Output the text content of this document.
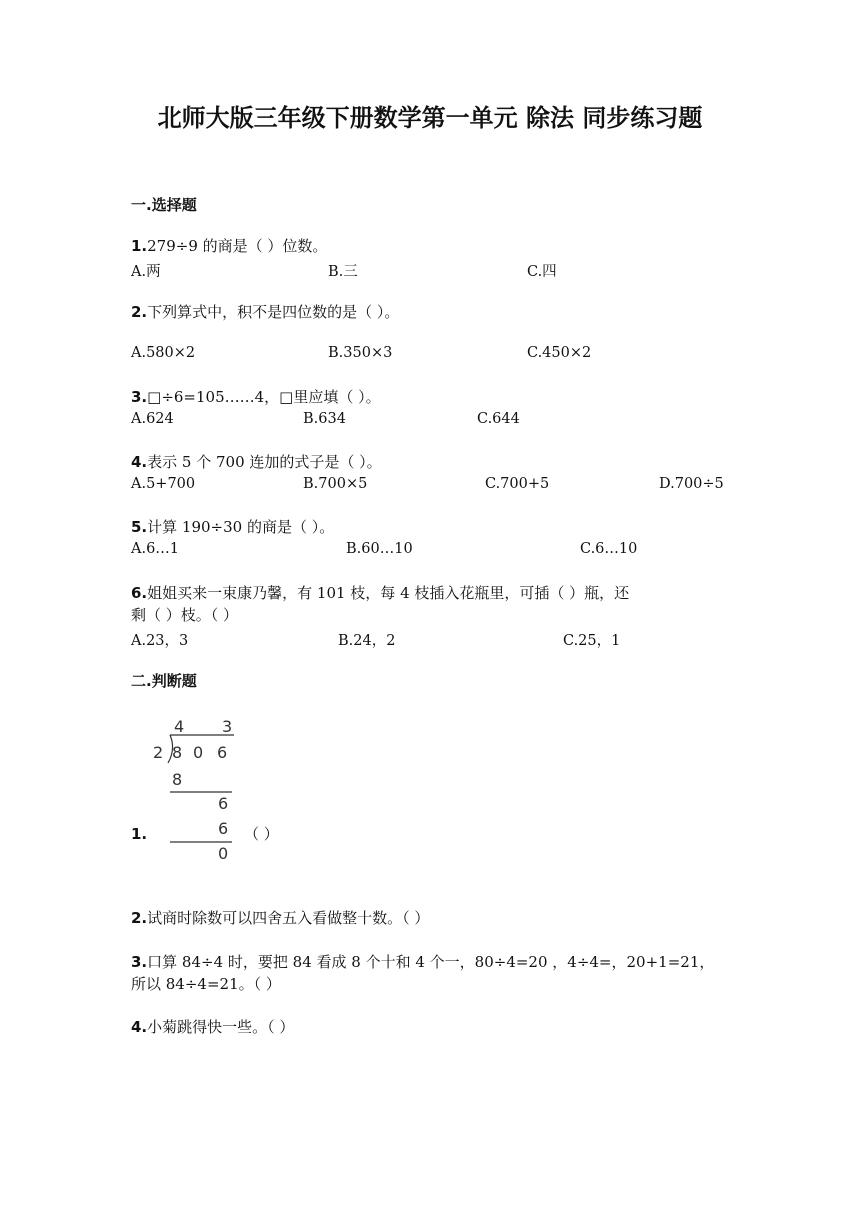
北师大版三年级下册数学第一单元 除法 同步练习题
一.选择题
1.279÷9 的商是（ ）位数。
A.两	B.三	C.四
2.下列算式中，积不是四位数的是（ ）。
A.580×2	B.350×3	C.450×2
3.□÷6=105……4，□里应填（ ）。
A.624	B.634	C.644
4.表示 5 个 700 连加的式子是（ ）。
A.5+700	B.700×5	C.700+5	D.700÷5
5.计算 190÷30 的商是（ ）。
A.6…1	B.60…10	C.6…10
6.姐姐买来一束康乃馨，有 101 枝，每 4 枝插入花瓶里，可插（ ）瓶，还
剩（ ）枝。（ ）
A.23，3	B.24，2	C.25，1
二.判断题
4 3
2 8 0 6
8
6
6
0
1.	（ ）
2.试商时除数可以四舍五入看做整十数。（ ）
3.口算 84÷4 时，要把 84 看成 8 个十和 4 个一，80÷4=20 ，4÷4=，20+1=21，
所以 84÷4=21。（ ）
4.小菊跳得快一些。（ ）
